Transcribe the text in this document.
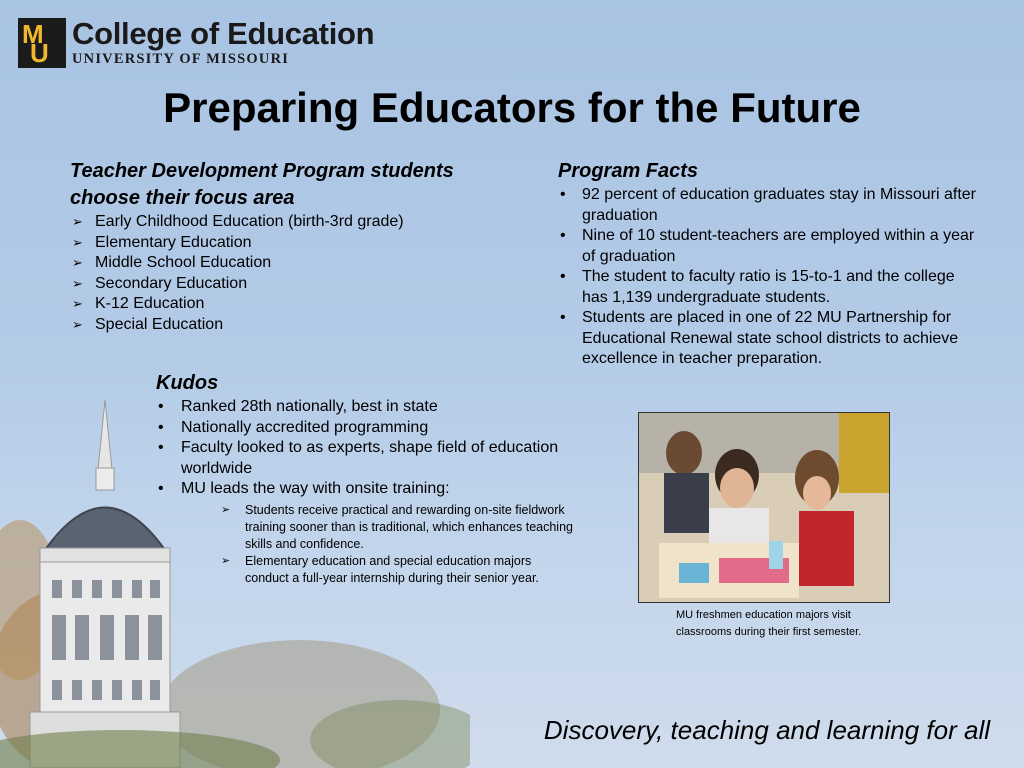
M
U
College of Education
UNIVERSITY OF MISSOURI
Preparing Educators for the Future
Teacher Development Program students choose their focus area
➢ Early Childhood Education (birth-3rd grade)
➢ Elementary Education
➢ Middle School Education
➢ Secondary Education
➢ K-12 Education
➢ Special Education
Program Facts
• 92 percent of education graduates stay in Missouri after graduation
• Nine of 10 student-teachers are employed within a year of graduation
• The student to faculty ratio is 15-to-1 and the college has 1,139 undergraduate students.
• Students are placed in one of 22 MU Partnership for Educational Renewal state school districts to achieve excellence in teacher preparation.
Kudos
• Ranked 28th nationally, best in state
• Nationally accredited programming
• Faculty looked to as experts, shape field of education worldwide
• MU leads the way with onsite training:
➢ Students receive practical and rewarding on-site fieldwork training sooner than is traditional, which enhances teaching skills and confidence.
➢ Elementary education and special education majors conduct a full-year internship during their senior year.
MU freshmen education majors visit classrooms during their first semester.
Discovery, teaching and learning for all
